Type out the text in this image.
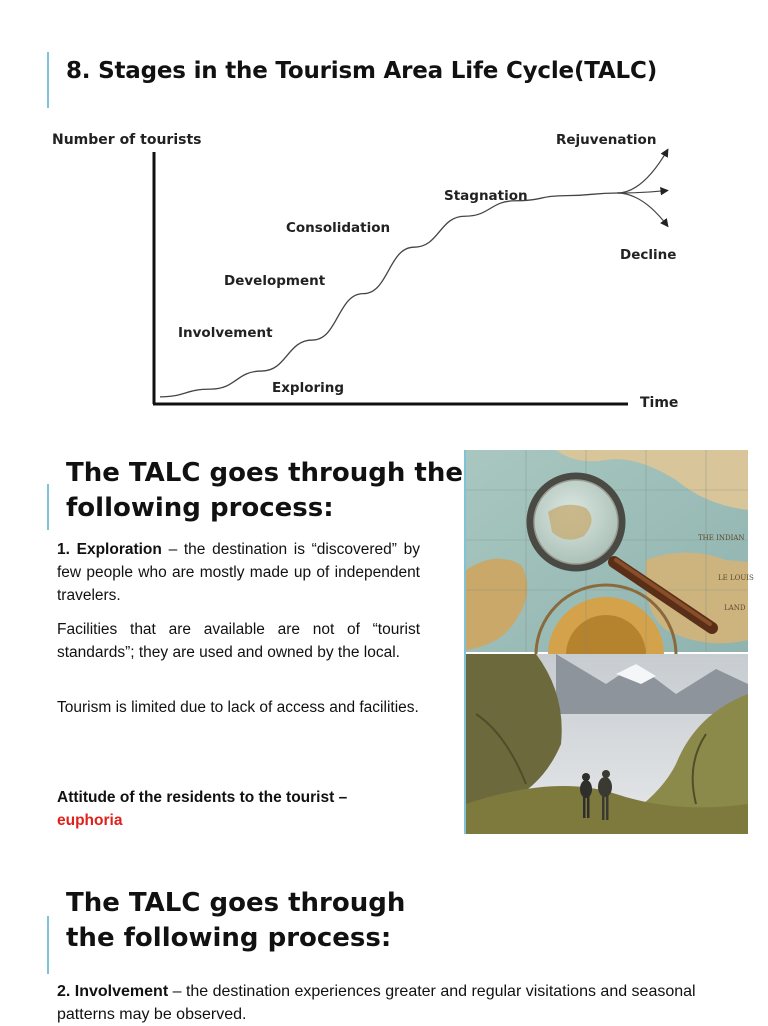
8. Stages in the Tourism Area Life Cycle(TALC)
Number of tourists
Time
Exploring
Involvement
Development
Consolidation
Stagnation
Rejuvenation
Decline
The TALC goes through the
following process:

1. Exploration – the destination is “discovered” by few people who are mostly made up of independent travelers.

Facilities that are available are not of “tourist standards”; they are used and owned by the local.

Tourism is limited due to lack of access and facilities.

Attitude of the residents to the tourist –
euphoria

THE INDIAN
LE LOUIS
LAND
The TALC goes through
the following process:

2. Involvement – the destination experiences greater and regular visitations and seasonal patterns may be observed.
